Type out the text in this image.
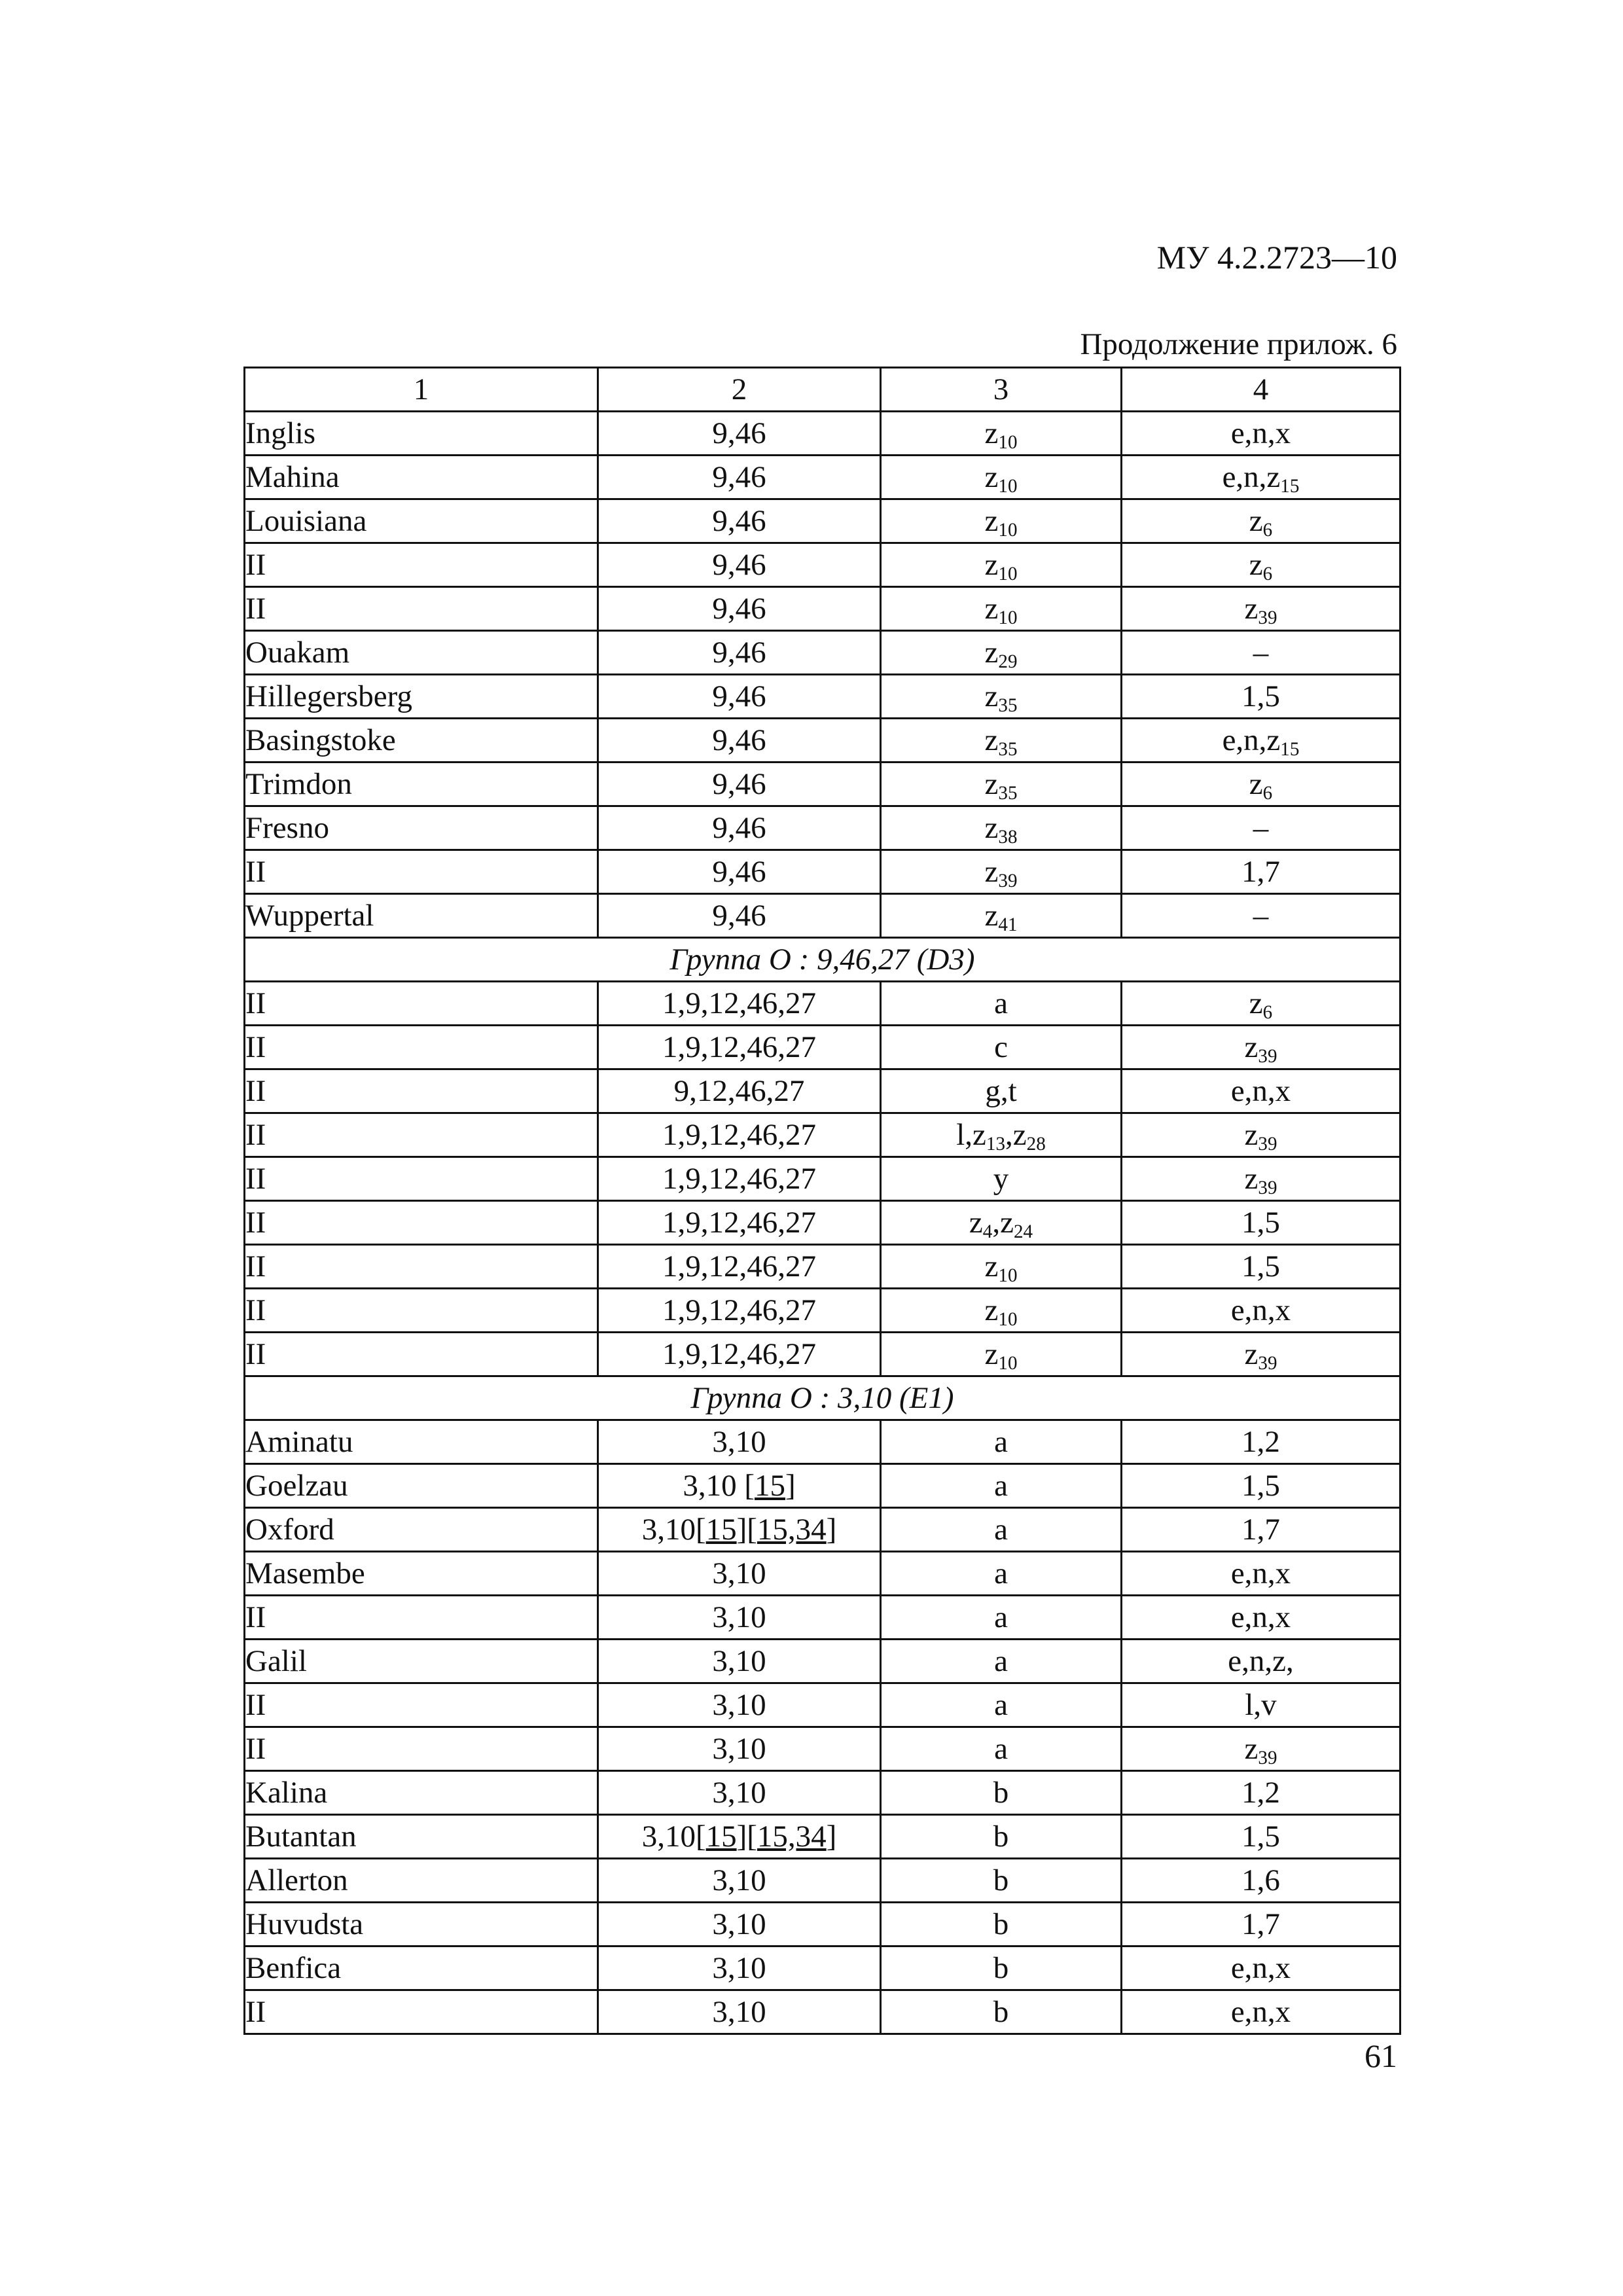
МУ 4.2.2723—10
Продолжение прилож. 6
1	2	3	4
Inglis	9,46	$z_{10}$	e,n,x
Mahina	9,46	$z_{10}$	$e,n,z_{15}$
Louisiana	9,46	$z_{10}$	$z_6$
II	9,46	$z_{10}$	$z_6$
II	9,46	$z_{10}$	$z_{39}$
Ouakam	9,46	$z_{29}$	–
Hillegersberg	9,46	$z_{35}$	1,5
Basingstoke	9,46	$z_{35}$	$e,n,z_{15}$
Trimdon	9,46	$z_{35}$	$z_6$
Fresno	9,46	$z_{38}$	–
II	9,46	$z_{39}$	1,7
Wuppertal	9,46	$z_{41}$	–
Группа О : 9,46,27 (D3)			
II	1,9,12,46,27	a	$z_6$
II	1,9,12,46,27	c	$z_{39}$
II	9,12,46,27	g,t	e,n,x
II	1,9,12,46,27	$l,z_{13},z_{28}$	$z_{39}$
II	1,9,12,46,27	y	$z_{39}$
II	1,9,12,46,27	$z_4,z_{24}$	1,5
II	1,9,12,46,27	$z_{10}$	1,5
II	1,9,12,46,27	$z_{10}$	e,n,x
II	1,9,12,46,27	$z_{10}$	$z_{39}$
Группа О : 3,10 (E1)			
Aminatu	3,10	a	1,2
Goelzau	3,10 [15]	a	1,5
Oxford	3,10[15][15,34]	a	1,7
Masembe	3,10	a	e,n,x
II	3,10	a	e,n,x
Galil	3,10	a	e,n,z,
II	3,10	a	l,v
II	3,10	a	$z_{39}$
Kalina	3,10	b	1,2
Butantan	3,10[15][15,34]	b	1,5
Allerton	3,10	b	1,6
Huvudsta	3,10	b	1,7
Benfica	3,10	b	e,n,x
II	3,10	b	e,n,x
61
